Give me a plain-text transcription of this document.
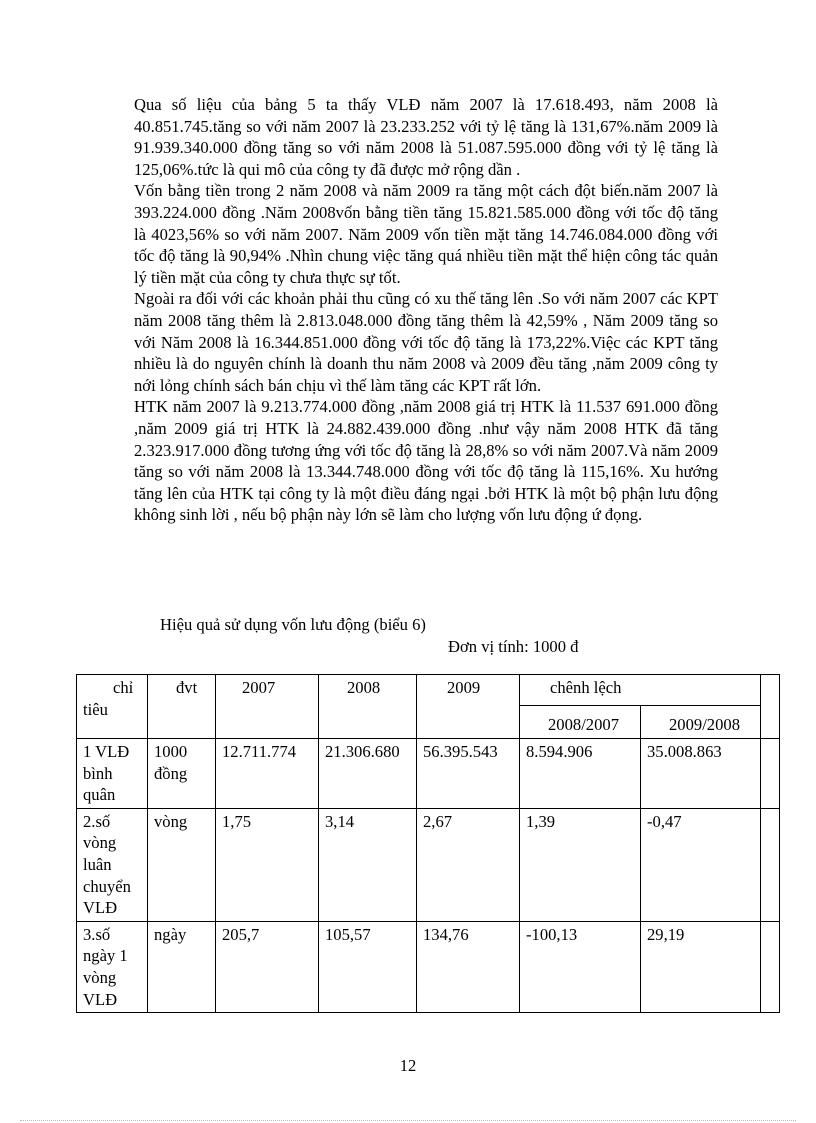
Qua số liệu của bảng 5 ta thấy VLĐ năm 2007 là 17.618.493, năm 2008 là 40.851.745.tăng so với năm 2007 là 23.233.252 với tỷ lệ tăng là 131,67%.năm 2009 là 91.939.340.000 đồng tăng so với năm 2008 là 51.087.595.000 đồng với tỷ lệ tăng là 125,06%.tức là qui mô của công ty đã được mở rộng dần .

Vốn bằng tiền trong 2 năm 2008 và năm 2009 ra tăng một cách đột biến.năm 2007 là 393.224.000 đồng .Năm 2008vốn bằng tiền tăng 15.821.585.000 đồng với tốc độ tăng là 4023,56% so với năm 2007. Năm 2009 vốn tiền mặt tăng 14.746.084.000 đồng với tốc độ tăng là 90,94% .Nhìn chung việc tăng quá nhiều tiền mặt thể hiện công tác quản lý tiền mặt của công ty chưa thực sự tốt.

Ngoài ra đối với các khoản phải thu cũng có xu thế tăng lên .So với năm 2007 các KPT năm 2008 tăng thêm là 2.813.048.000 đồng tăng thêm là 42,59% , Năm 2009 tăng so với Năm 2008 là 16.344.851.000 đồng với tốc độ tăng là 173,22%.Việc các KPT tăng nhiều là do nguyên chính là doanh thu năm 2008 và 2009 đều tăng ,năm 2009 công ty nới lỏng chính sách bán chịu vì thế làm tăng các KPT rất lớn.

HTK năm 2007 là 9.213.774.000 đồng ,năm 2008 giá trị HTK là 11.537 691.000 đồng ,năm 2009 giá trị HTK là 24.882.439.000 đồng .như vậy năm 2008 HTK đã tăng 2.323.917.000 đồng tương ứng với tốc độ tăng là 28,8% so với năm 2007.Và năm 2009 tăng so với năm 2008 là 13.344.748.000 đồng với tốc độ tăng là 115,16%. Xu hướng tăng lên của HTK tại công ty là một điều đáng ngại .bởi HTK là một bộ phận lưu động không sinh lời , nếu bộ phận này lớn sẽ làm cho lượng vốn lưu động ứ đọng.

Hiệu quả sử dụng vốn lưu động (biểu 6)
Đơn vị tính: 1000 đ
chỉ tiêu	đvt	2007	2008	2009	chênh lệch		
					2008/2007	2009/2008	
1 VLĐ bình quân	1000 đồng	12.711.774	21.306.680	56.395.543	8.594.906	35.008.863	
2.số vòng luân chuyển VLĐ	vòng	1,75	3,14	2,67	1,39	-0,47	
3.số ngày 1 vòng VLĐ	ngày	205,7	105,57	134,76	-100,13	29,19	
12
